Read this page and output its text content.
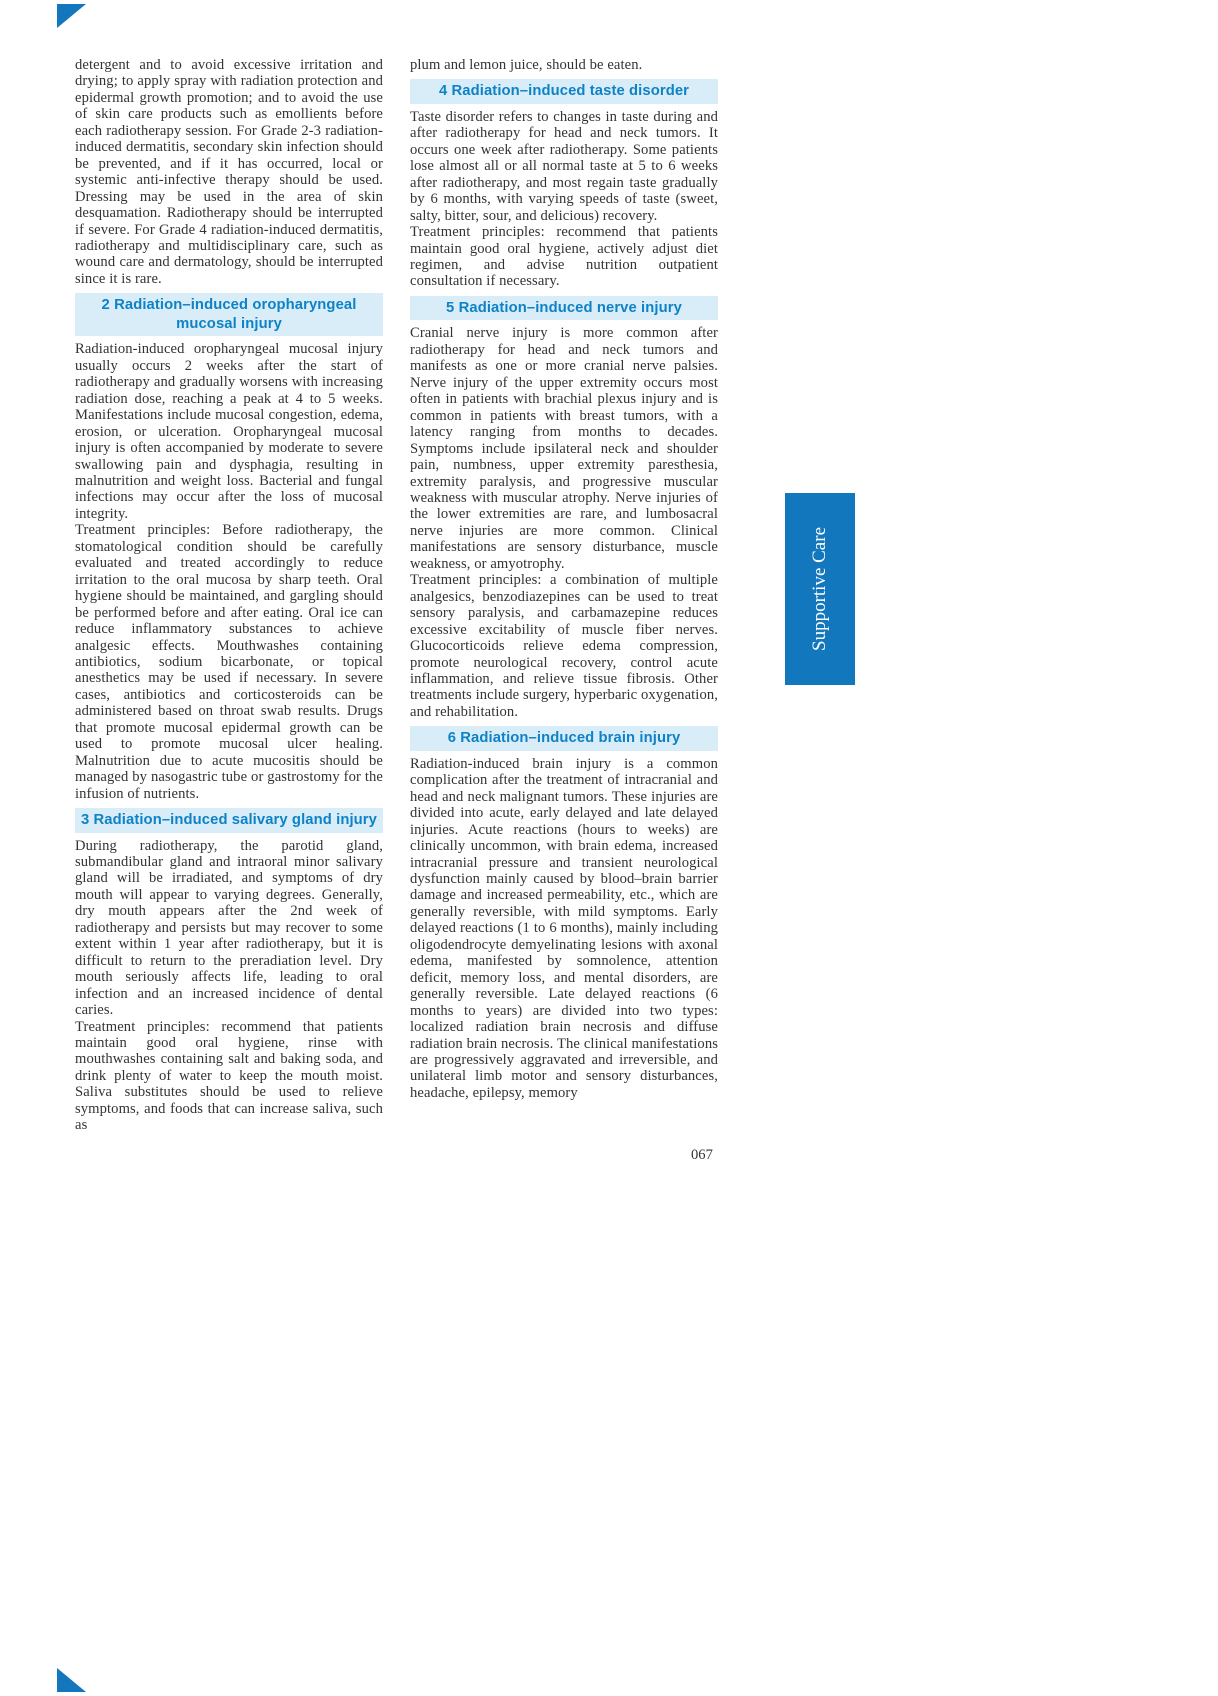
detergent and to avoid excessive irritation and drying; to apply spray with radiation protection and epidermal growth promotion; and to avoid the use of skin care products such as emollients before each radiotherapy session. For Grade 2-3 radiation-induced dermatitis, secondary skin infection should be prevented, and if it has occurred, local or systemic anti-infective therapy should be used. Dressing may be used in the area of skin desquamation. Radiotherapy should be interrupted if severe. For Grade 4 radiation-induced dermatitis, radiotherapy and multidisciplinary care, such as wound care and dermatology, should be interrupted since it is rare.

2 Radiation–induced oropharyngeal mucosal injury

Radiation-induced oropharyngeal mucosal injury usually occurs 2 weeks after the start of radiotherapy and gradually worsens with increasing radiation dose, reaching a peak at 4 to 5 weeks. Manifestations include mucosal congestion, edema, erosion, or ulceration. Oropharyngeal mucosal injury is often accompanied by moderate to severe swallowing pain and dysphagia, resulting in malnutrition and weight loss. Bacterial and fungal infections may occur after the loss of mucosal integrity.

Treatment principles: Before radiotherapy, the stomatological condition should be carefully evaluated and treated accordingly to reduce irritation to the oral mucosa by sharp teeth. Oral hygiene should be maintained, and gargling should be performed before and after eating. Oral ice can reduce inflammatory substances to achieve analgesic effects. Mouthwashes containing antibiotics, sodium bicarbonate, or topical anesthetics may be used if necessary. In severe cases, antibiotics and corticosteroids can be administered based on throat swab results. Drugs that promote mucosal epidermal growth can be used to promote mucosal ulcer healing. Malnutrition due to acute mucositis should be managed by nasogastric tube or gastrostomy for the infusion of nutrients.

3 Radiation–induced salivary gland injury

During radiotherapy, the parotid gland, submandibular gland and intraoral minor salivary gland will be irradiated, and symptoms of dry mouth will appear to varying degrees. Generally, dry mouth appears after the 2nd week of radiotherapy and persists but may recover to some extent within 1 year after radiotherapy, but it is difficult to return to the preradiation level. Dry mouth seriously affects life, leading to oral infection and an increased incidence of dental caries.

Treatment principles: recommend that patients maintain good oral hygiene, rinse with mouthwashes containing salt and baking soda, and drink plenty of water to keep the mouth moist. Saliva substitutes should be used to relieve symptoms, and foods that can increase saliva, such as

plum and lemon juice, should be eaten.

4 Radiation–induced taste disorder

Taste disorder refers to changes in taste during and after radiotherapy for head and neck tumors. It occurs one week after radiotherapy. Some patients lose almost all or all normal taste at 5 to 6 weeks after radiotherapy, and most regain taste gradually by 6 months, with varying speeds of taste (sweet, salty, bitter, sour, and delicious) recovery.

Treatment principles: recommend that patients maintain good oral hygiene, actively adjust diet regimen, and advise nutrition outpatient consultation if necessary.

5 Radiation–induced nerve injury

Cranial nerve injury is more common after radiotherapy for head and neck tumors and manifests as one or more cranial nerve palsies. Nerve injury of the upper extremity occurs most often in patients with brachial plexus injury and is common in patients with breast tumors, with a latency ranging from months to decades. Symptoms include ipsilateral neck and shoulder pain, numbness, upper extremity paresthesia, extremity paralysis, and progressive muscular weakness with muscular atrophy. Nerve injuries of the lower extremities are rare, and lumbosacral nerve injuries are more common. Clinical manifestations are sensory disturbance, muscle weakness, or amyotrophy.

Treatment principles: a combination of multiple analgesics, benzodiazepines can be used to treat sensory paralysis, and carbamazepine reduces excessive excitability of muscle fiber nerves. Glucocorticoids relieve edema compression, promote neurological recovery, control acute inflammation, and relieve tissue fibrosis. Other treatments include surgery, hyperbaric oxygenation, and rehabilitation.

6 Radiation–induced brain injury

Radiation-induced brain injury is a common complication after the treatment of intracranial and head and neck malignant tumors. These injuries are divided into acute, early delayed and late delayed injuries. Acute reactions (hours to weeks) are clinically uncommon, with brain edema, increased intracranial pressure and transient neurological dysfunction mainly caused by blood–brain barrier damage and increased permeability, etc., which are generally reversible, with mild symptoms. Early delayed reactions (1 to 6 months), mainly including oligodendrocyte demyelinating lesions with axonal edema, manifested by somnolence, attention deficit, memory loss, and mental disorders, are generally reversible. Late delayed reactions (6 months to years) are divided into two types: localized radiation brain necrosis and diffuse radiation brain necrosis. The clinical manifestations are progressively aggravated and irreversible, and unilateral limb motor and sensory disturbances, headache, epilepsy, memory

Supportive Care
067
